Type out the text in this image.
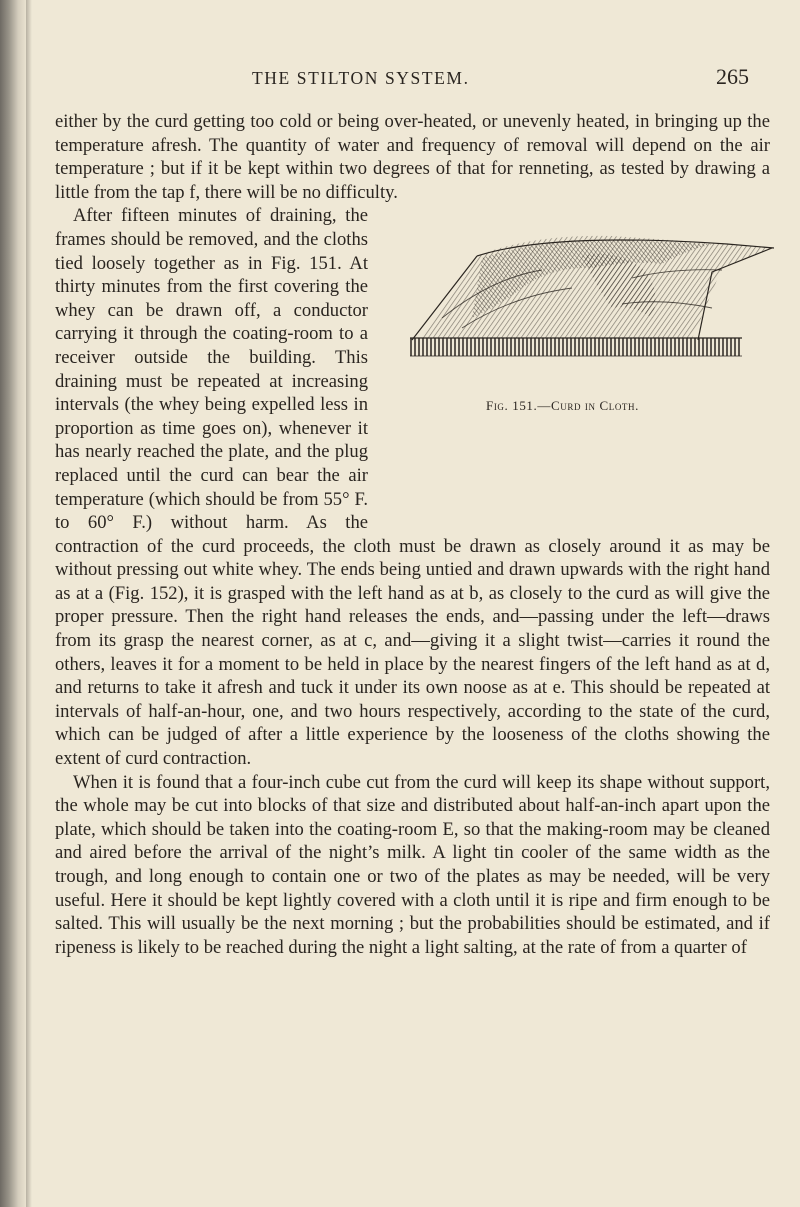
THE STILTON SYSTEM.	265

either by the curd getting too cold or being over-heated, or unevenly heated, in bringing up the temperature afresh. The quantity of water and frequency of removal will depend on the air temperature ; but if it be kept within two degrees of that for renneting, as tested by drawing a little from the tap f, there will be no difficulty.

Fig. 151.—Curd in Cloth.

After fifteen minutes of draining, the frames should be removed, and the cloths tied loosely together as in Fig. 151. At thirty minutes from the first covering the whey can be drawn off, a conductor carrying it through the coating-room to a receiver outside the building. This draining must be repeated at increasing intervals (the whey being expelled less in proportion as time goes on), whenever it has nearly reached the plate, and the plug replaced until the curd can bear the air temperature (which should be from 55° F. to 60° F.) without harm. As the contraction of the curd proceeds, the cloth must be drawn as closely around it as may be without pressing out white whey. The ends being untied and drawn upwards with the right hand as at a (Fig. 152), it is grasped with the left hand as at b, as closely to the curd as will give the proper pressure. Then the right hand releases the ends, and—passing under the left—draws from its grasp the nearest corner, as at c, and—giving it a slight twist—carries it round the others, leaves it for a moment to be held in place by the nearest fingers of the left hand as at d, and returns to take it afresh and tuck it under its own noose as at e. This should be repeated at intervals of half-an-hour, one, and two hours respectively, according to the state of the curd, which can be judged of after a little experience by the looseness of the cloths showing the extent of curd contraction.

When it is found that a four-inch cube cut from the curd will keep its shape without support, the whole may be cut into blocks of that size and distributed about half-an-inch apart upon the plate, which should be taken into the coating-room E, so that the making-room may be cleaned and aired before the arrival of the night’s milk. A light tin cooler of the same width as the trough, and long enough to contain one or two of the plates as may be needed, will be very useful. Here it should be kept lightly covered with a cloth until it is ripe and firm enough to be salted. This will usually be the next morning ; but the probabilities should be estimated, and if ripeness is likely to be reached during the night a light salting, at the rate of from a quarter of
